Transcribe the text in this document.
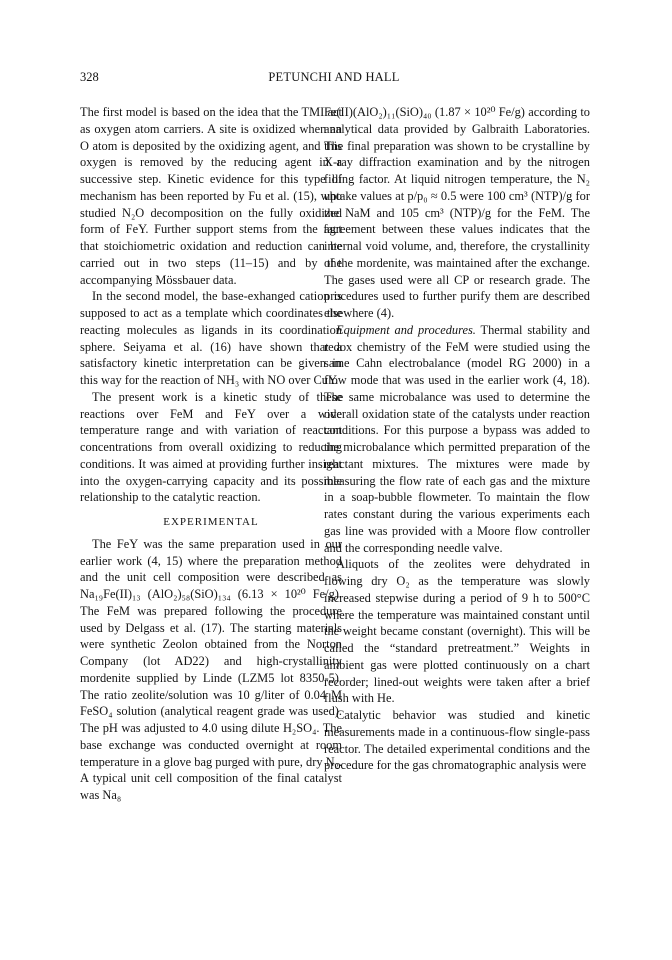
328	PETUNCHI AND HALL

The first model is based on the idea that the TMI act as oxygen atom carriers. A site is oxidized when an O atom is deposited by the oxidizing agent, and this oxygen is removed by the reducing agent in a successive step. Kinetic evidence for this type of mechanism has been reported by Fu et al. (15), who studied N₂O decomposition on the fully oxidized form of FeY. Further support stems from the fact that stoichiometric oxidation and reduction can be carried out in two steps (11–15) and by the accompanying Mössbauer data.

In the second model, the base-exhanged cation is supposed to act as a template which coordinates the reacting molecules as ligands in its coordination sphere. Seiyama et al. (16) have shown that a satisfactory kinetic interpretation can be given in this way for the reaction of NH₃ with NO over CuY.

The present work is a kinetic study of these reactions over FeM and FeY over a wide temperature range and with variation of reactant concentrations from overall oxidizing to reducing conditions. It was aimed at providing further insight into the oxygen-carrying capacity and its possible relationship to the catalytic reaction.

EXPERIMENTAL

The FeY was the same preparation used in our earlier work (4, 15) where the preparation method and the unit cell composition were described as Na₁₉Fe(II)₁₃ (AlO₂)₅₈(SiO)₁₃₄ (6.13 × 10²⁰ Fe/g). The FeM was prepared following the procedure used by Delgass et al. (17). The starting materials were synthetic Zeolon obtained from the Norton Company (lot AD22) and high-crystallinity mordenite supplied by Linde (LZM5 lot 8350-5). The ratio zeolite/solution was 10 g/liter of 0.04 M FeSO₄ solution (analytical reagent grade was used). The pH was adjusted to 4.0 using dilute H₂SO₄. The base exchange was conducted overnight at room temperature in a glove bag purged with pure, dry N₂. A typical unit cell composition of the final catalyst was Na₈

Fe(II)(AlO₂)₁₁(SiO)₄₀ (1.87 × 10²⁰ Fe/g) according to analytical data provided by Galbraith Laboratories. The final preparation was shown to be crystalline by X-ray diffraction examination and by the nitrogen filling factor. At liquid nitrogen temperature, the N₂ uptake values at p/p₀ ≈ 0.5 were 100 cm³ (NTP)/g for the NaM and 105 cm³ (NTP)/g for the FeM. The agreement between these values indicates that the internal void volume, and, therefore, the crystallinity of the mordenite, was maintained after the exchange. The gases used were all CP or research grade. The procedures used to further purify them are described elsewhere (4).

Equipment and procedures. Thermal stability and redox chemistry of the FeM were studied using the same Cahn electrobalance (model RG 2000) in a flow mode that was used in the earlier work (4, 18). The same microbalance was used to determine the overall oxidation state of the catalysts under reaction conditions. For this purpose a bypass was added to the microbalance which permitted preparation of the reactant mixtures. The mixtures were made by measuring the flow rate of each gas and the mixture in a soap-bubble flowmeter. To maintain the flow rates constant during the various experiments each gas line was provided with a Moore flow controller and the corresponding needle valve.

Aliquots of the zeolites were dehydrated in flowing dry O₂ as the temperature was slowly increased stepwise during a period of 9 h to 500°C where the temperature was maintained constant until the weight became constant (overnight). This will be called the “standard pretreatment.” Weights in ambient gas were plotted continuously on a chart recorder; lined-out weights were taken after a brief flush with He.

Catalytic behavior was studied and kinetic measurements made in a continuous-flow single-pass reactor. The detailed experimental conditions and the procedure for the gas chromatographic analysis were
